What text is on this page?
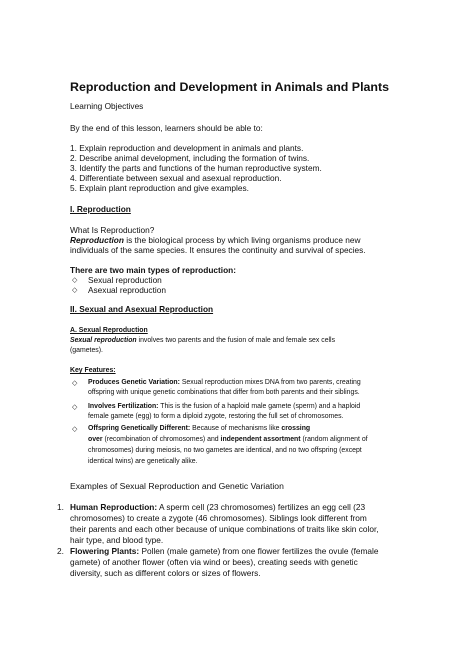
Reproduction and Development in Animals and Plants
Learning Objectives
By the end of this lesson, learners should be able to:
1. Explain reproduction and development in animals and plants.
2. Describe animal development, including the formation of twins.
3. Identify the parts and functions of the human reproductive system.
4. Differentiate between sexual and asexual reproduction.
5. Explain plant reproduction and give examples.
I. Reproduction
What Is Reproduction?
Reproduction is the biological process by which living organisms produce new
individuals of the same species. It ensures the continuity and survival of species.
There are two main types of reproduction:
◇ Sexual reproduction
◇ Asexual reproduction
II. Sexual and Asexual Reproduction
A. Sexual Reproduction
Sexual reproduction involves two parents and the fusion of male and female sex cells
(gametes).
Key Features:
◇ Produces Genetic Variation: Sexual reproduction mixes DNA from two parents, creating
offspring with unique genetic combinations that differ from both parents and their siblings.
◇ Involves Fertilization: This is the fusion of a haploid male gamete (sperm) and a haploid
female gamete (egg) to form a diploid zygote, restoring the full set of chromosomes.
◇ Offspring Genetically Different: Because of mechanisms like crossing
over (recombination of chromosomes) and independent assortment (random alignment of
chromosomes) during meiosis, no two gametes are identical, and no two offspring (except
identical twins) are genetically alike.
Examples of Sexual Reproduction and Genetic Variation
1. Human Reproduction: A sperm cell (23 chromosomes) fertilizes an egg cell (23
chromosomes) to create a zygote (46 chromosomes). Siblings look different from
their parents and each other because of unique combinations of traits like skin color,
hair type, and blood type.
2. Flowering Plants: Pollen (male gamete) from one flower fertilizes the ovule (female
gamete) of another flower (often via wind or bees), creating seeds with genetic
diversity, such as different colors or sizes of flowers.
